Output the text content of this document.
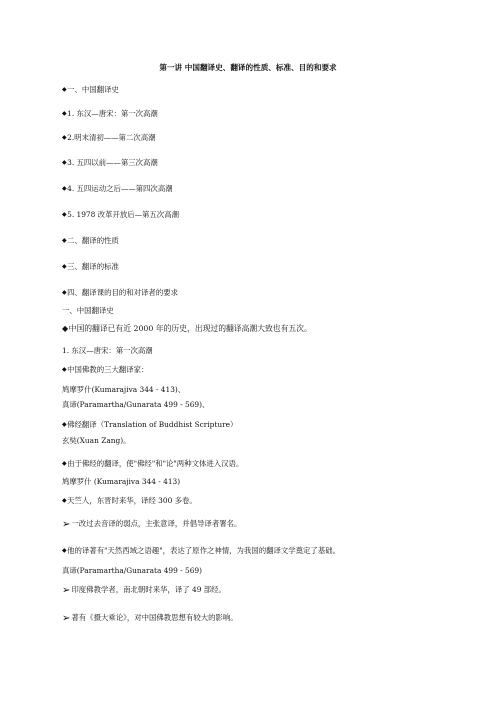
第一讲 中国翻译史、翻译的性质、标准、目的和要求
◆一、中国翻译史
◆1. 东汉—唐宋：第一次高潮
◆2.明末清初——第二次高潮
◆3. 五四以前——第三次高潮
◆4. 五四运动之后——第四次高潮
◆5. 1978 改革开放后—第五次高潮
◆二、翻译的性质
◆三、翻译的标准
◆四、翻译课的目的和对译者的要求
一、中国翻译史
◆中国的翻译已有近 2000 年的历史，出现过的翻译高潮大致也有五次。
1. 东汉—唐宋：第一次高潮
◆中国佛教的三大翻译家：
鸠摩罗什(Kumarajiva 344 - 413)、
真谛(Paramartha/Gunarata 499 - 569)、
◆佛经翻译（Translation of Buddhist Scripture）
玄奘(Xuan Zang)。
◆由于佛经的翻译，使"佛经"和"论"两种文体进入汉语。
鸠摩罗什 (Kumarajiva 344 - 413)
◆天竺人，东晋时来华，译经 300 多卷。
➢一改过去音译的弱点，主张意译，并倡导译者署名。
◆他的译著有"天然西域之语趣"，表达了原作之神情，为我国的翻译文学奠定了基础。
真谛(Paramartha/Gunarata 499 - 569)
➢印度佛教学者，南北朝时来华，译了 49 部经。
➢著有《摄大乘论》，对中国佛教思想有较大的影响。
